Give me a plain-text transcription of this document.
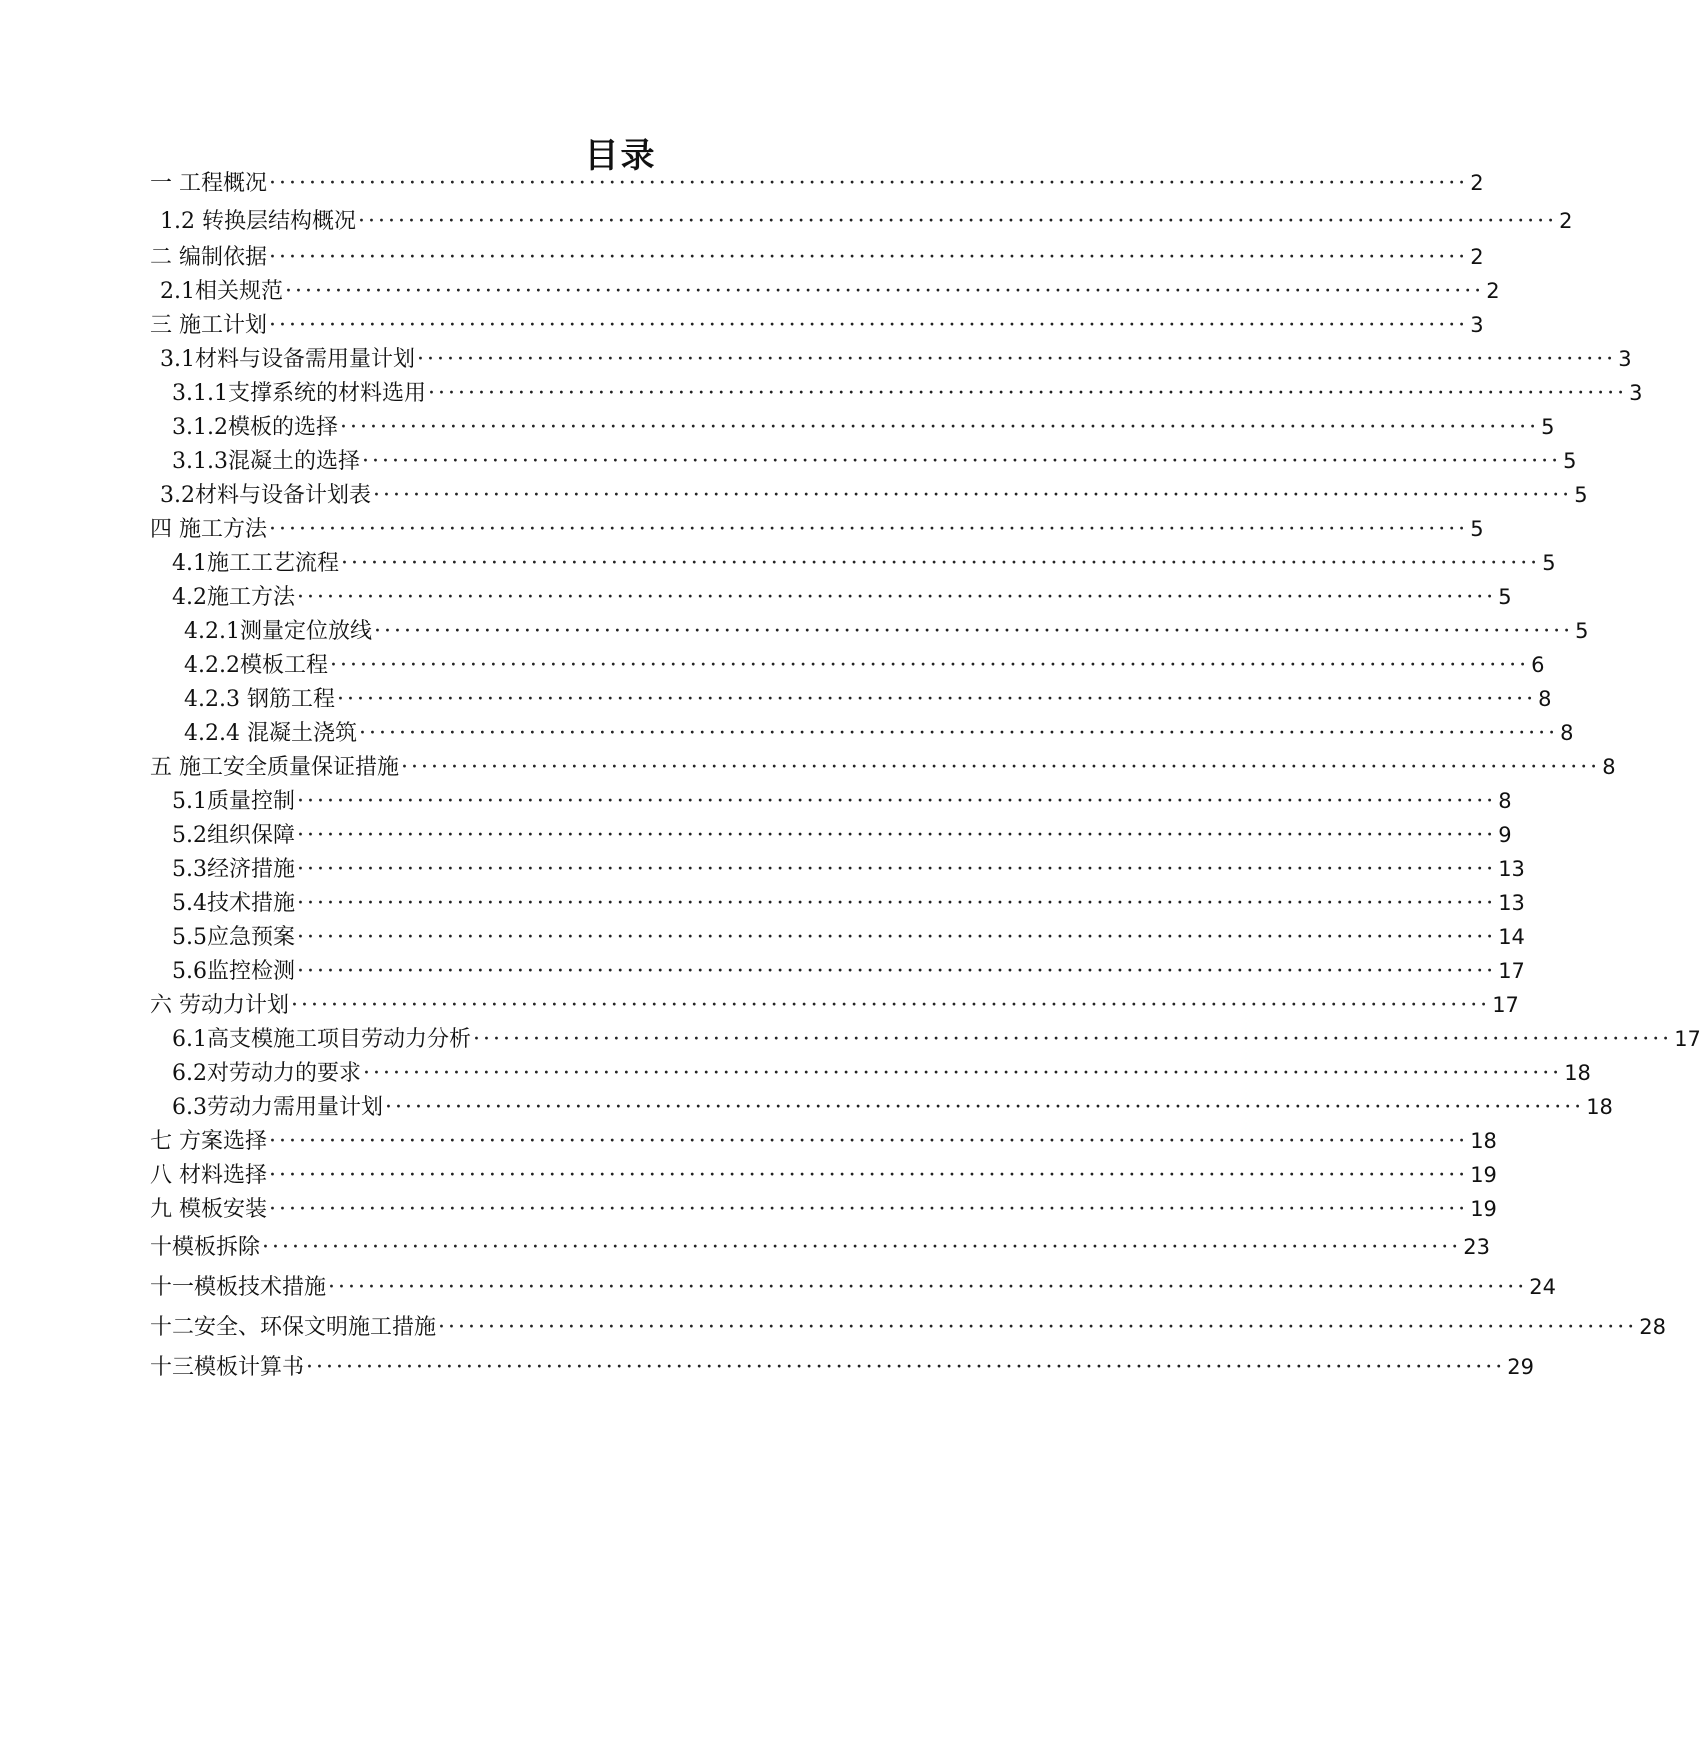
目录
一 工程概况 ························································································································ 2
1.2 转换层结构概况 ························································································································ 2
二 编制依据 ························································································································ 2
2.1相关规范 ························································································································ 2
三 施工计划 ························································································································ 3
3.1材料与设备需用量计划 ························································································································ 3
3.1.1支撑系统的材料选用 ························································································································ 3
3.1.2模板的选择 ························································································································ 5
3.1.3混凝土的选择 ························································································································ 5
3.2材料与设备计划表 ························································································································ 5
四 施工方法 ························································································································ 5
4.1施工工艺流程 ························································································································ 5
4.2施工方法 ························································································································ 5
4.2.1测量定位放线 ························································································································ 5
4.2.2模板工程 ························································································································ 6
4.2.3 钢筋工程 ························································································································ 8
4.2.4 混凝土浇筑 ························································································································ 8
五 施工安全质量保证措施 ························································································································ 8
5.1质量控制 ························································································································ 8
5.2组织保障 ························································································································ 9
5.3经济措施 ························································································································ 13
5.4技术措施 ························································································································ 13
5.5应急预案 ························································································································ 14
5.6监控检测 ························································································································ 17
六 劳动力计划 ························································································································ 17
6.1高支模施工项目劳动力分析 ························································································································ 17
6.2对劳动力的要求 ························································································································ 18
6.3劳动力需用量计划 ························································································································ 18
七 方案选择 ························································································································ 18
八 材料选择 ························································································································ 19
九 模板安装 ························································································································ 19
十模板拆除 ························································································································ 23
十一模板技术措施 ························································································································ 24
十二安全、环保文明施工措施 ························································································································ 28
十三模板计算书 ························································································································ 29
